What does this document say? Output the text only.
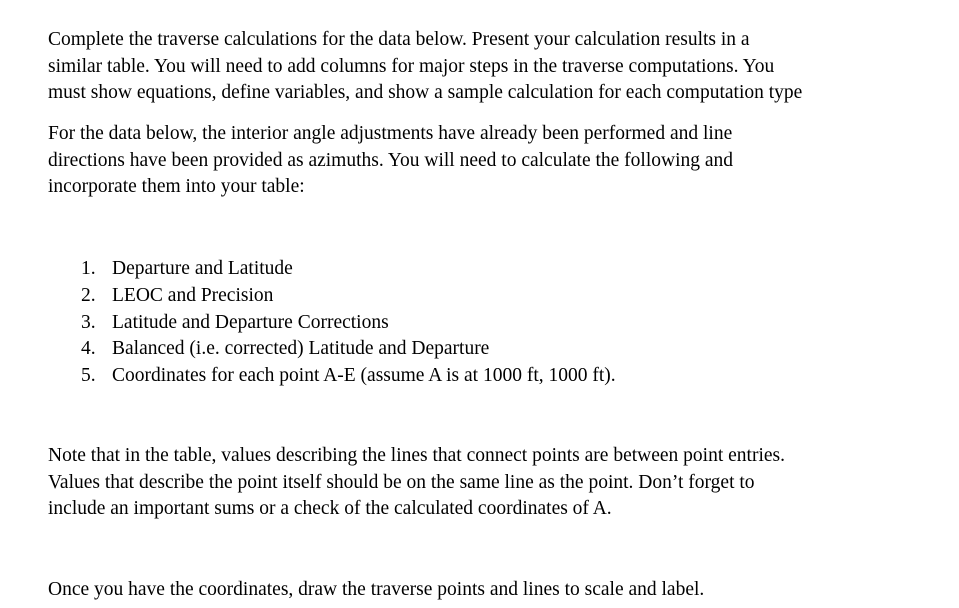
Complete the traverse calculations for the data below. Present your calculation results in a
similar table. You will need to add columns for major steps in the traverse computations. You
must show equations, define variables, and show a sample calculation for each computation type

For the data below, the interior angle adjustments have already been performed and line
directions have been provided as azimuths. You will need to calculate the following and
incorporate them into your table:

1. Departure and Latitude
2. LEOC and Precision
3. Latitude and Departure Corrections
4. Balanced (i.e. corrected) Latitude and Departure
5. Coordinates for each point A-E (assume A is at 1000 ft, 1000 ft).

Note that in the table, values describing the lines that connect points are between point entries.
Values that describe the point itself should be on the same line as the point. Don’t forget to
include an important sums or a check of the calculated coordinates of A.

Once you have the coordinates, draw the traverse points and lines to scale and label.
